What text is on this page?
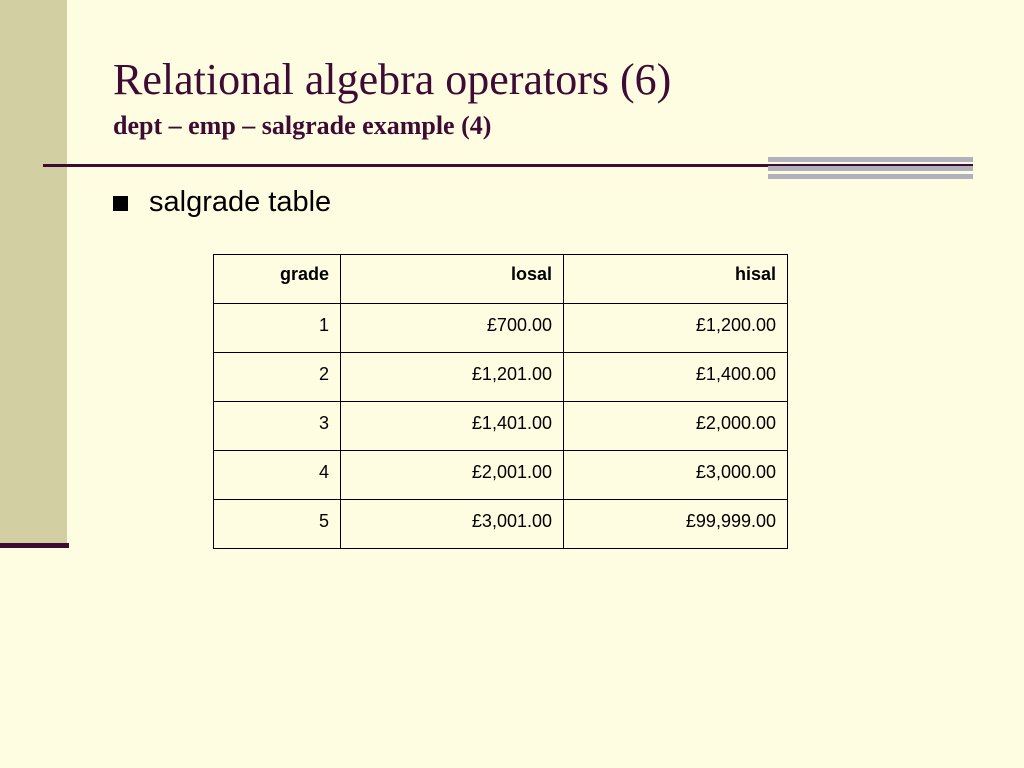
Relational algebra operators (6)
dept – emp – salgrade example (4)
salgrade table
grade	losal	hisal
1	£700.00	£1,200.00
2	£1,201.00	£1,400.00
3	£1,401.00	£2,000.00
4	£2,001.00	£3,000.00
5	£3,001.00	£99,999.00
